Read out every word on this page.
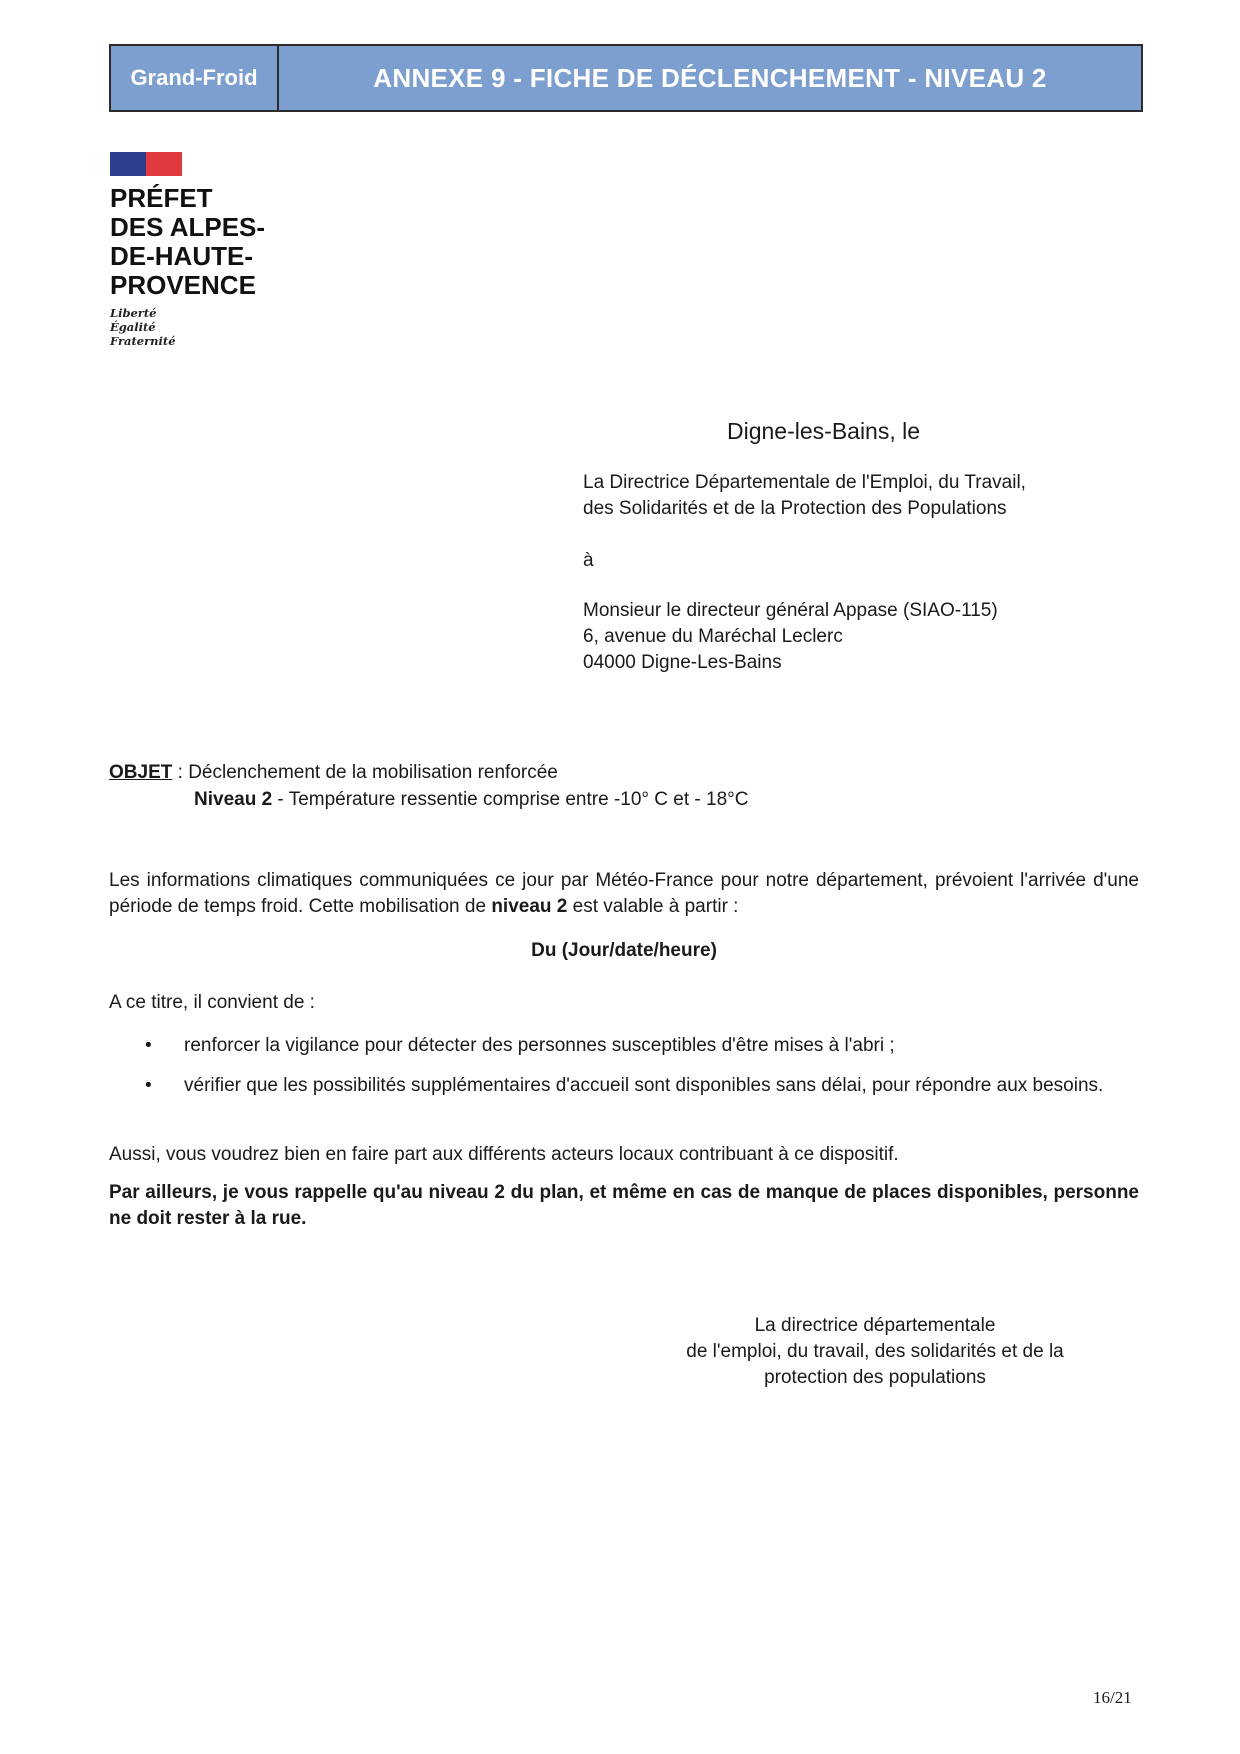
Grand-Froid	ANNEXE 9 - FICHE DE DÉCLENCHEMENT - NIVEAU 2
PRÉFET
DES ALPES-
DE-HAUTE-
PROVENCE
Liberté
Égalité
Fraternité
Digne-les-Bains, le
La Directrice Départementale de l'Emploi, du Travail,
des Solidarités et de la Protection des Populations
à
Monsieur le directeur général Appase (SIAO-115)
6, avenue du Maréchal Leclerc
04000 Digne-Les-Bains
OBJET : Déclenchement de la mobilisation renforcée
Niveau 2 - Température ressentie comprise entre -10° C et - 18°C
Les informations climatiques communiquées ce jour par Météo-France pour notre département, prévoient l'arrivée d'une période de temps froid. Cette mobilisation de niveau 2 est valable à partir :
Du (Jour/date/heure)
A ce titre, il convient de :
• renforcer la vigilance pour détecter des personnes susceptibles d'être mises à l'abri ;
• vérifier que les possibilités supplémentaires d'accueil sont disponibles sans délai, pour répondre aux besoins.
Aussi, vous voudrez bien en faire part aux différents acteurs locaux contribuant à ce dispositif.
Par ailleurs, je vous rappelle qu'au niveau 2 du plan, et même en cas de manque de places disponibles, personne ne doit rester à la rue.
La directrice départementale
de l'emploi, du travail, des solidarités et de la
protection des populations
16/21
